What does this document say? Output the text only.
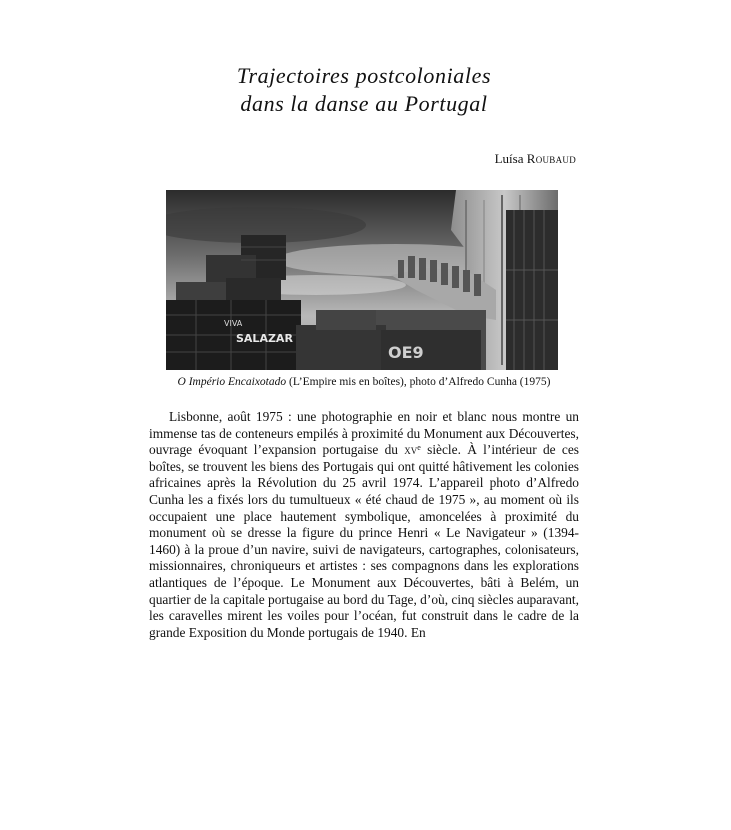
Trajectoires postcoloniales
dans la danse au Portugal
Luísa Roubaud
SALAZAR
VIVA
OE9
O Império Encaixotado (L’Empire mis en boîtes), photo d’Alfredo Cunha (1975)

Lisbonne, août 1975 : une photographie en noir et blanc nous montre un immense tas de conteneurs empilés à proximité du Monument aux Découvertes, ouvrage évoquant l’expansion portugaise du $xv^e$ siècle. À l’intérieur de ces boîtes, se trouvent les biens des Portugais qui ont quitté hâtivement les colonies africaines après la Révolution du 25 avril 1974. L’appareil photo d’Alfredo Cunha les a fixés lors du tumultueux « été chaud de 1975 », au moment où ils occupaient une place hautement symbolique, amoncelées à proximité du monument où se dresse la figure du prince Henri « Le Navigateur » (1394-1460) à la proue d’un navire, suivi de navigateurs, cartographes, colonisateurs, missionnaires, chroniqueurs et artistes : ses compagnons dans les explorations atlantiques de l’époque. Le Monument aux Découvertes, bâti à Belém, un quartier de la capitale portugaise au bord du Tage, d’où, cinq siècles auparavant, les caravelles mirent les voiles pour l’océan, fut construit dans le cadre de la grande Exposition du Monde portugais de 1940. En
